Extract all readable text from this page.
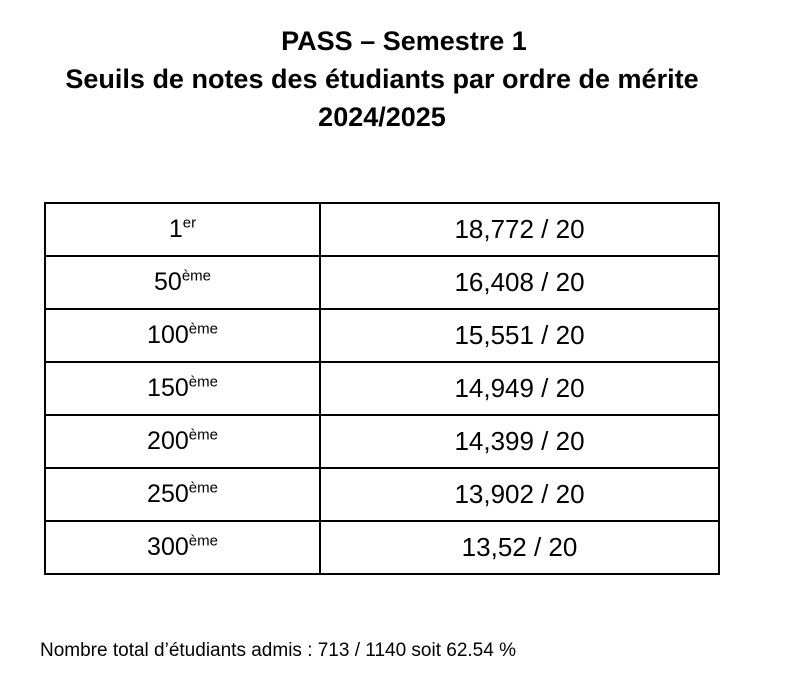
PASS – Semestre 1
Seuils de notes des étudiants par ordre de mérite
2024/2025
1er	18,772 / 20
50ème	16,408 / 20
100ème	15,551 / 20
150ème	14,949 / 20
200ème	14,399 / 20
250ème	13,902 / 20
300ème	13,52 / 20
Nombre total d’étudiants admis : 713 / 1140 soit 62.54 %
